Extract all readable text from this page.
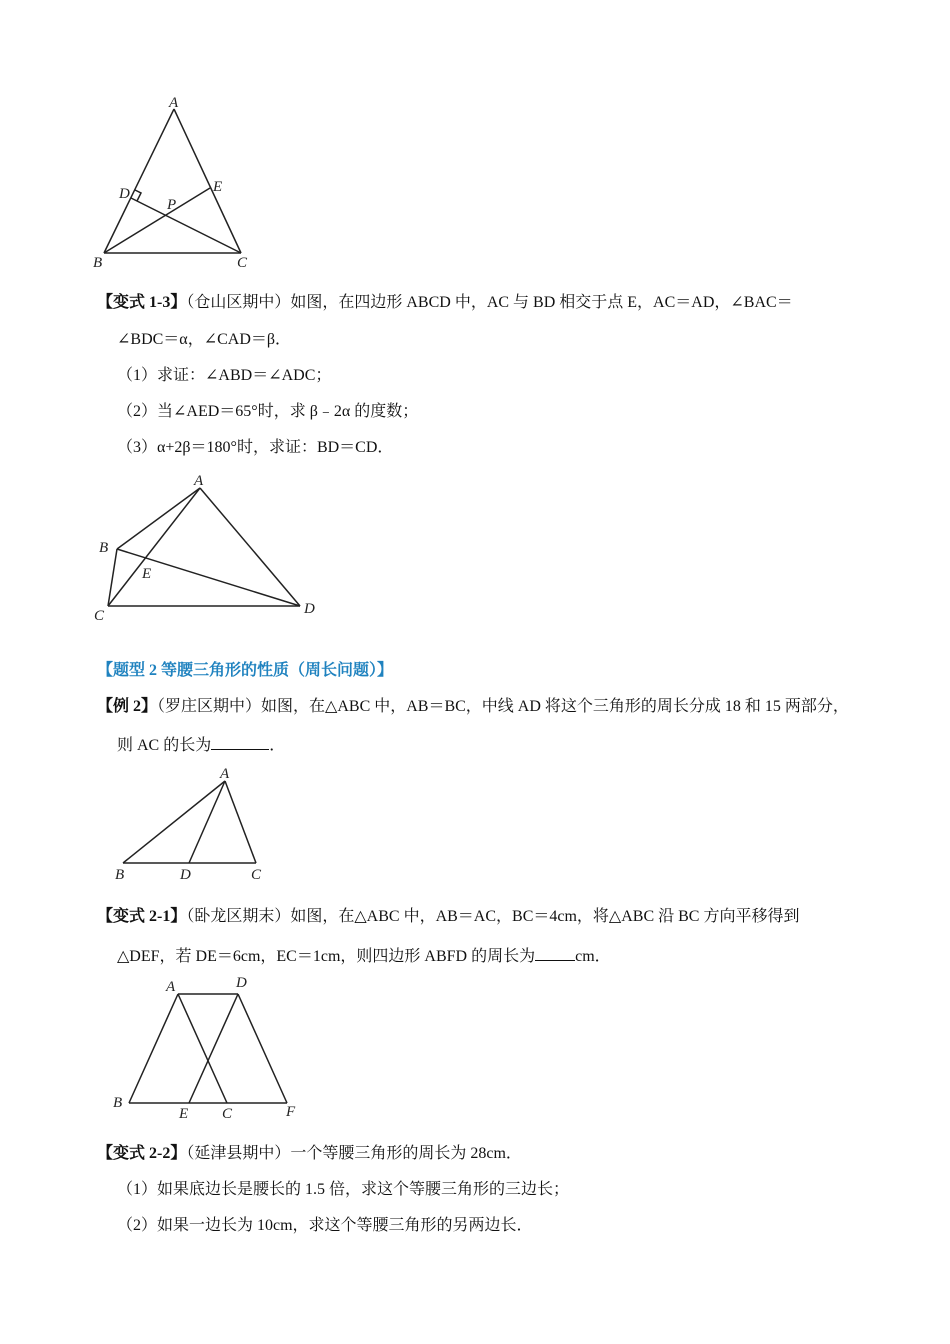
A
B	C
D	E
P
【变式 1-3】（仓山区期中）如图，在四边形 ABCD 中，AC 与 BD 相交于点 E，AC＝AD，∠BAC＝
∠BDC＝α，∠CAD＝β．
（1）求证：∠ABD＝∠ADC；
（2）当∠AED＝65°时，求 β﹣2α 的度数；
（3）α+2β＝180°时，求证：BD＝CD．
A
B
C	D
E
【题型 2 等腰三角形的性质（周长问题）】
【例 2】（罗庄区期中）如图，在△ABC 中，AB＝BC，中线 AD 将这个三角形的周长分成 18 和 15 两部分，
则 AC 的长为	．
A
B	D	C
【变式 2-1】（卧龙区期末）如图，在△ABC 中，AB＝AC，BC＝4cm，将△ABC 沿 BC 方向平移得到
△DEF，若 DE＝6cm，EC＝1cm，则四边形 ABFD 的周长为	cm．
A	D
B
E C	F
【变式 2-2】（延津县期中）一个等腰三角形的周长为 28cm．
（1）如果底边长是腰长的 1.5 倍，求这个等腰三角形的三边长；
（2）如果一边长为 10cm，求这个等腰三角形的另两边长．
